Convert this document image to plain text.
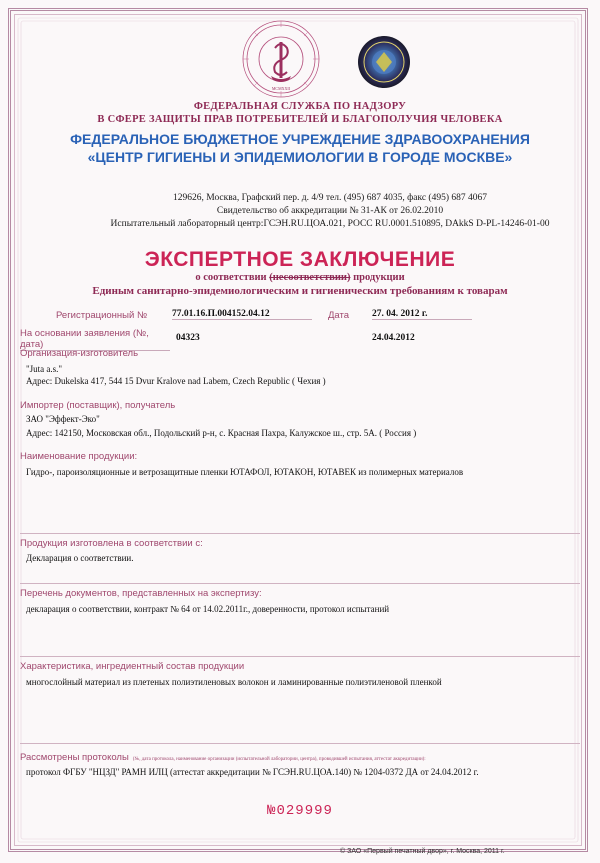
MCMXXII
ФЕДЕРАЛЬНАЯ СЛУЖБА ПО НАДЗОРУ
В СФЕРЕ ЗАЩИТЫ ПРАВ ПОТРЕБИТЕЛЕЙ И БЛАГОПОЛУЧИЯ ЧЕЛОВЕКА
ФЕДЕРАЛЬНОЕ БЮДЖЕТНОЕ УЧРЕЖДЕНИЕ ЗДРАВООХРАНЕНИЯ
«ЦЕНТР ГИГИЕНЫ И ЭПИДЕМИОЛОГИИ В ГОРОДЕ МОСКВЕ»
129626, Москва, Графский пер. д. 4/9 тел. (495) 687 4035, факс (495) 687 4067
Свидетельство об аккредитации № 31-АК от 26.02.2010
Испытательный лабораторный центр:ГСЭН.RU.ЦОА.021, РОСС RU.0001.510895, DAkkS D-PL-14246-01-00
ЭКСПЕРТНОЕ ЗАКЛЮЧЕНИЕ
о соответствии (несоответствии) продукции
Единым санитарно-эпидемиологическим и гигиеническим требованиям к товарам
Регистрационный №	77.01.16.П.004152.04.12	Дата 27. 04. 2012 г.
На основании заявления (№, дата)
04323	24.04.2012
Организация-изготовитель
"Juta a.s."
Адрес: Dukelska 417, 544 15 Dvur Kralove nad Labem, Czech Republic ( Чехия )
Импортер (поставщик), получатель
ЗАО "Эффект-Эко"
Адрес: 142150, Московская обл., Подольский р-н, с. Красная Пахра, Калужское ш., стр. 5А. ( Россия )
Наименование продукции:
Гидро-, пароизоляционные и ветрозащитные пленки ЮТАФОЛ, ЮТАКОН, ЮТАВЕК из полимерных материалов
Продукция изготовлена в соответствии с:
Декларация о соответствии.
Перечень документов, представленных на экспертизу:
декларация о соответствии, контракт № 64 от 14.02.2011г., доверенности, протокол испытаний
Характеристика, ингредиентный состав продукции
многослойный материал из плетеных полиэтиленовых волокон и ламинированные полиэтиленовой пленкой
Рассмотрены протоколы (№, дата протокола, наименование организации (испытательной лаборатории, центра), проводившей испытания, аттестат аккредитации):
протокол ФГБУ "НЦЗД" РАМН ИЛЦ (аттестат аккредитации № ГСЭН.RU.ЦОА.140) № 1204-0372 ДА от 24.04.2012 г.
№029999
© ЗАО «Первый печатный двор», г. Москва, 2011 г.
